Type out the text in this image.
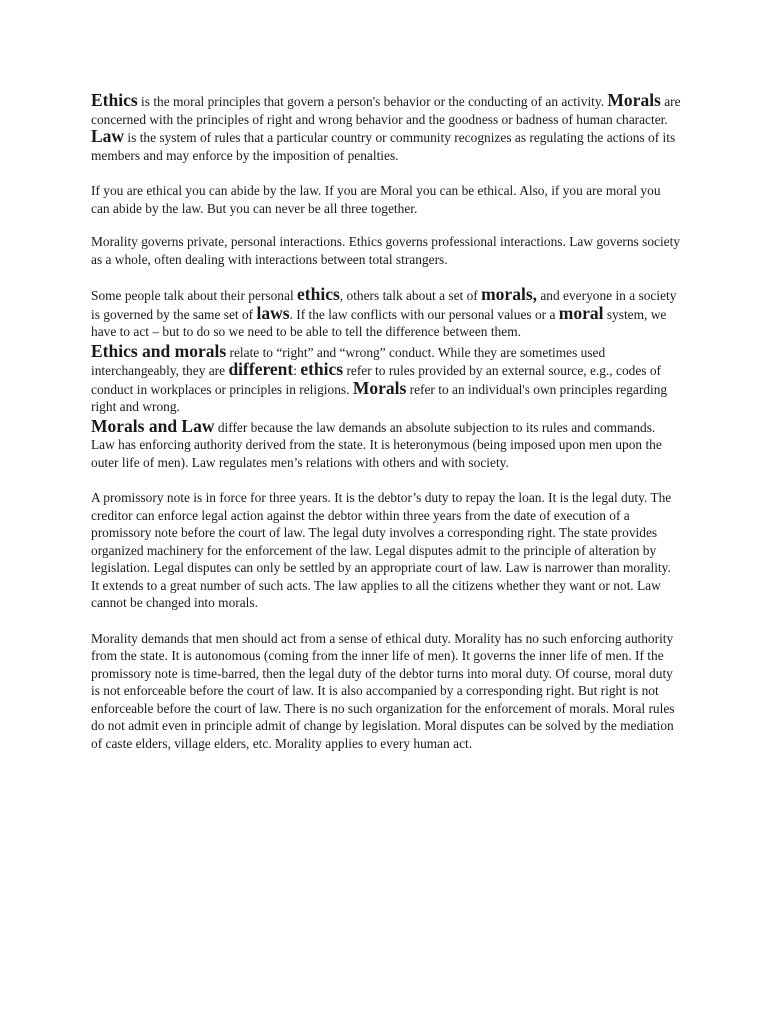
Ethics is the moral principles that govern a person's behavior or the conducting of an activity. Morals are concerned with the principles of right and wrong behavior and the goodness or badness of human character. Law is the system of rules that a particular country or community recognizes as regulating the actions of its members and may enforce by the imposition of penalties.

If you are ethical you can abide by the law. If you are Moral you can be ethical. Also, if you are moral you can abide by the law. But you can never be all three together.

Morality governs private, personal interactions. Ethics governs professional interactions. Law governs society as a whole, often dealing with interactions between total strangers.

Some people talk about their personal ethics, others talk about a set of morals, and everyone in a society is governed by the same set of laws. If the law conflicts with our personal values or a moral system, we have to act – but to do so we need to be able to tell the difference between them.

Ethics and morals relate to “right” and “wrong” conduct. While they are sometimes used interchangeably, they are different: ethics refer to rules provided by an external source, e.g., codes of conduct in workplaces or principles in religions. Morals refer to an individual's own principles regarding right and wrong.

Morals and Law differ because the law demands an absolute subjection to its rules and commands. Law has enforcing authority derived from the state. It is heteronymous (being imposed upon men upon the outer life of men). Law regulates men’s relations with others and with society.

A promissory note is in force for three years. It is the debtor’s duty to repay the loan. It is the legal duty. The creditor can enforce legal action against the debtor within three years from the date of execution of a promissory note before the court of law. The legal duty involves a corresponding right. The state provides organized machinery for the enforcement of the law. Legal disputes admit to the principle of alteration by legislation. Legal disputes can only be settled by an appropriate court of law. Law is narrower than morality. It extends to a great number of such acts. The law applies to all the citizens whether they want or not. Law cannot be changed into morals.

Morality demands that men should act from a sense of ethical duty. Morality has no such enforcing authority from the state. It is autonomous (coming from the inner life of men). It governs the inner life of men. If the promissory note is time-barred, then the legal duty of the debtor turns into moral duty. Of course, moral duty is not enforceable before the court of law. It is also accompanied by a corresponding right. But right is not enforceable before the court of law. There is no such organization for the enforcement of morals. Moral rules do not admit even in principle admit of change by legislation. Moral disputes can be solved by the mediation of caste elders, village elders, etc. Morality applies to every human act.
